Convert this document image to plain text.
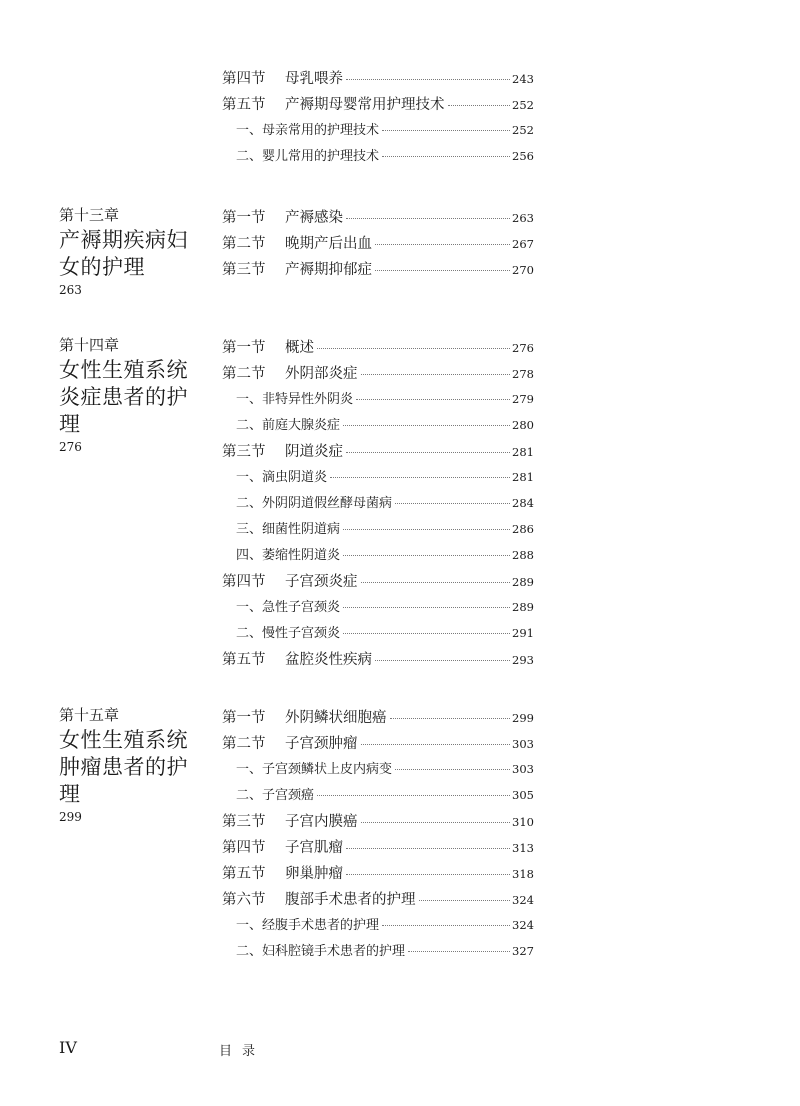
第四节 母乳喂养	243
第五节 产褥期母婴常用护理技术	252
一、母亲常用的护理技术	252
二、婴儿常用的护理技术	256
第十三章
产褥期疾病妇女的护理
263
第一节 产褥感染	263
第二节 晚期产后出血	267
第三节 产褥期抑郁症	270
第十四章
女性生殖系统炎症患者的护理
276
第一节 概述	276
第二节 外阴部炎症	278
一、非特异性外阴炎	279
二、前庭大腺炎症	280
第三节 阴道炎症	281
一、滴虫阴道炎	281
二、外阴阴道假丝酵母菌病	284
三、细菌性阴道病	286
四、萎缩性阴道炎	288
第四节 子宫颈炎症	289
一、急性子宫颈炎	289
二、慢性子宫颈炎	291
第五节 盆腔炎性疾病	293
第十五章
女性生殖系统肿瘤患者的护理
299
第一节 外阴鳞状细胞癌	299
第二节 子宫颈肿瘤	303
一、子宫颈鳞状上皮内病变	303
二、子宫颈癌	305
第三节 子宫内膜癌	310
第四节 子宫肌瘤	313
第五节 卵巢肿瘤	318
第六节 腹部手术患者的护理	324
一、经腹手术患者的护理	324
二、妇科腔镜手术患者的护理	327
IV	目录
